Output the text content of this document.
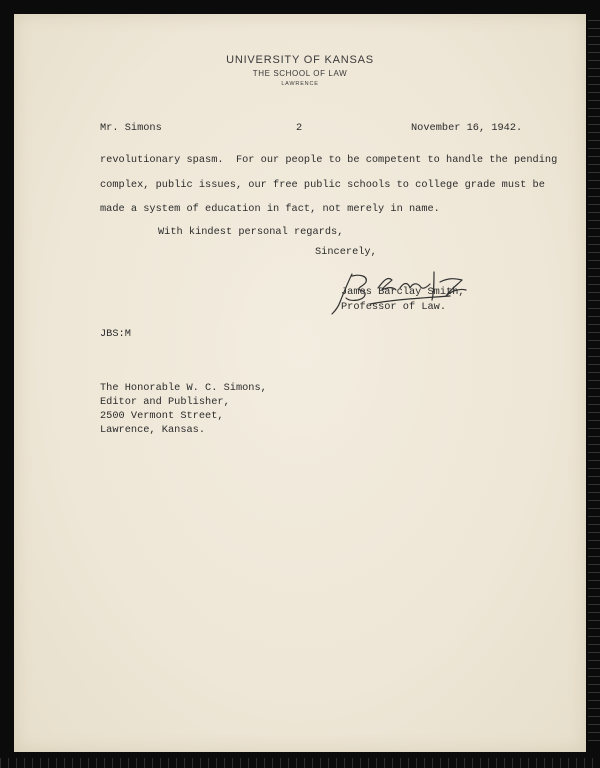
UNIVERSITY OF KANSAS
THE SCHOOL OF LAW
LAWRENCE
Mr. Simons	2	November 16, 1942.
revolutionary spasm.  For our people to be competent to handle the pending
complex, public issues, our free public schools to college grade must be
made a system of education in fact, not merely in name.
With kindest personal regards,
Sincerely,
James Barclay Smith,
Professor of Law.
JBS:M
The Honorable W. C. Simons,
Editor and Publisher,
2500 Vermont Street,
Lawrence, Kansas.
